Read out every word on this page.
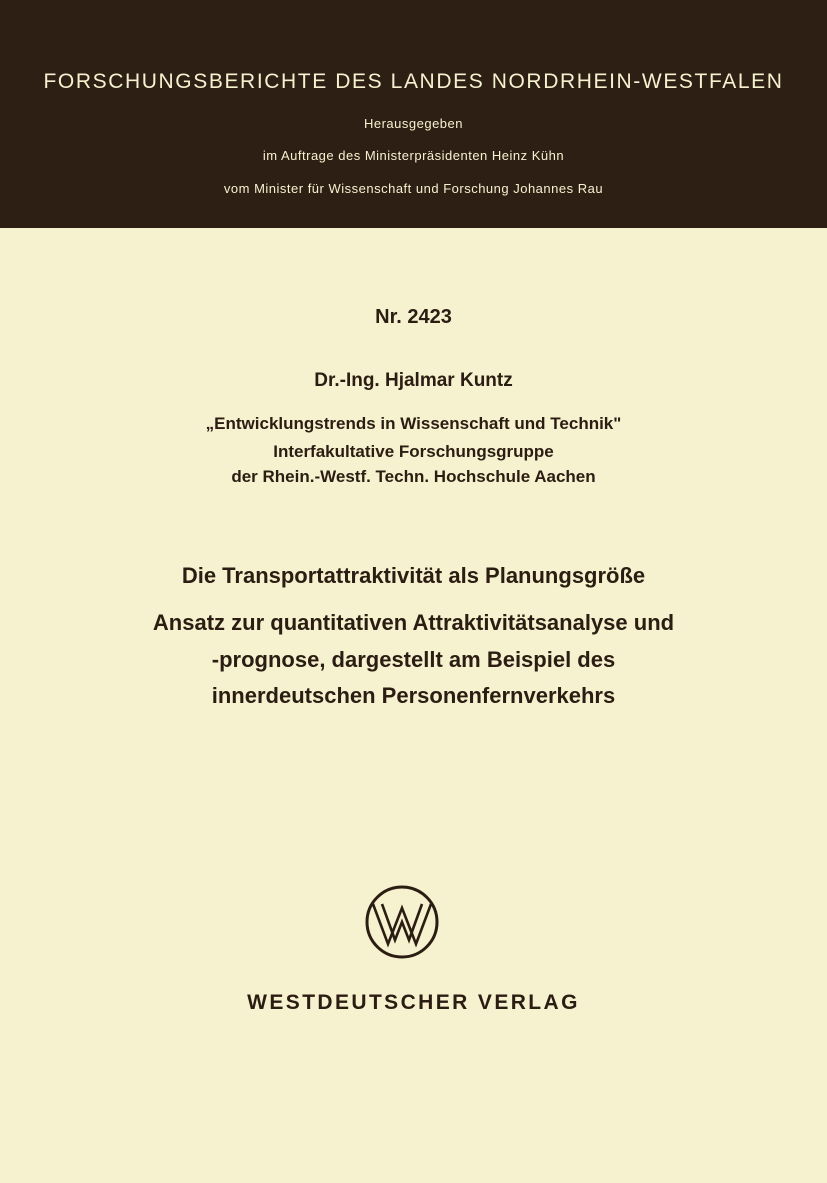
FORSCHUNGSBERICHTE DES LANDES NORDRHEIN-WESTFALEN
Herausgegeben
im Auftrage des Ministerpräsidenten Heinz Kühn
vom Minister für Wissenschaft und Forschung Johannes Rau
Nr. 2423
Dr.-Ing. Hjalmar Kuntz
„Entwicklungstrends in Wissenschaft und Technik"
Interfakultative Forschungsgruppe
der Rhein.-Westf. Techn. Hochschule Aachen
Die Transportattraktivität als Planungsgröße
Ansatz zur quantitativen Attraktivitätsanalyse und
-prognose, dargestellt am Beispiel des
innerdeutschen Personenfernverkehrs
WESTDEUTSCHER VERLAG
